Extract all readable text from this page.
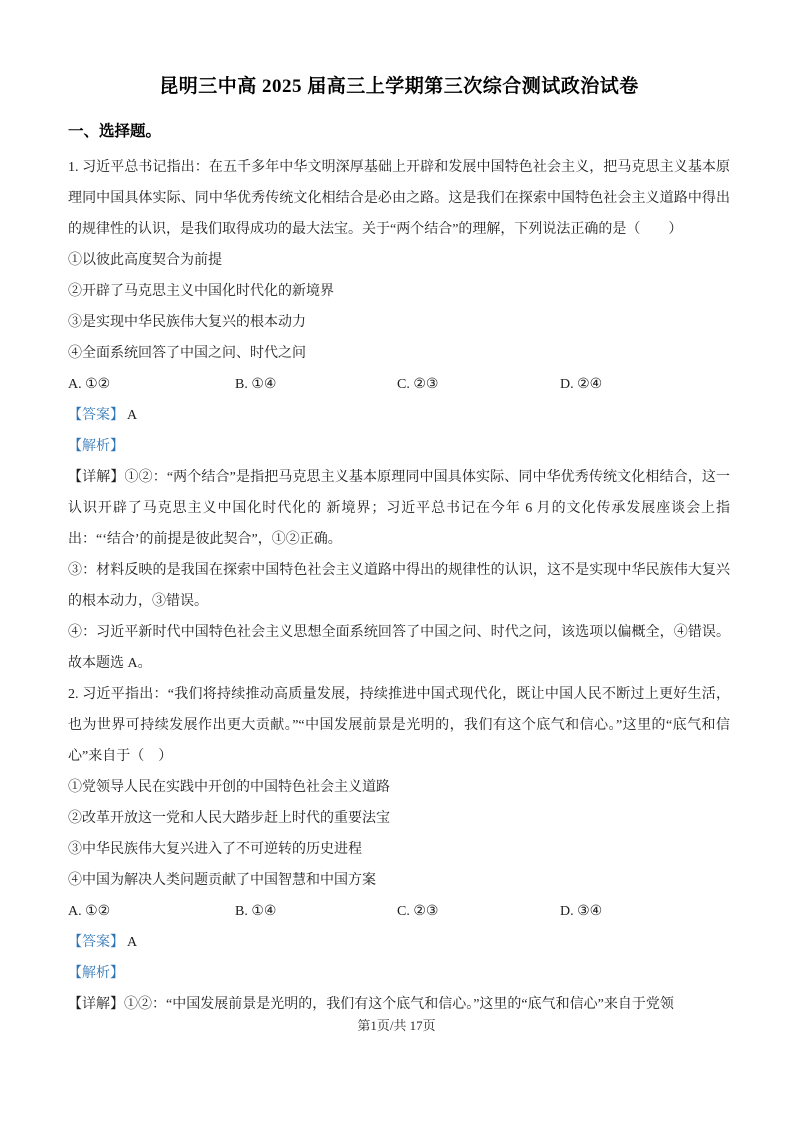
昆明三中高 2025 届高三上学期第三次综合测试政治试卷
一、选择题。

1. 习近平总书记指出：在五千多年中华文明深厚基础上开辟和发展中国特色社会主义，把马克思主义基本原理同中国具体实际、同中华优秀传统文化相结合是必由之路。这是我们在探索中国特色社会主义道路中得出的规律性的认识，是我们取得成功的最大法宝。关于“两个结合”的理解，下列说法正确的是（　　）

①以彼此高度契合为前提

②开辟了马克思主义中国化时代化的新境界

③是实现中华民族伟大复兴的根本动力

④全面系统回答了中国之问、时代之问

A. ①②	B. ①④	C. ②③	D. ②④

【答案】 A

【解析】

【详解】①②：“两个结合”是指把马克思主义基本原理同中国具体实际、同中华优秀传统文化相结合，这一认识开辟了马克思主义中国化时代化的 新境界；习近平总书记在今年 6 月的文化传承发展座谈会上指出：“‘结合’的前提是彼此契合”，①②正确。

③：材料反映的是我国在探索中国特色社会主义道路中得出的规律性的认识，这不是实现中华民族伟大复兴的根本动力，③错误。

④：习近平新时代中国特色社会主义思想全面系统回答了中国之问、时代之问，该选项以偏概全，④错误。故本题选 A。

2. 习近平指出：“我们将持续推动高质量发展，持续推进中国式现代化，既让中国人民不断过上更好生活，也为世界可持续发展作出更大贡献。”“中国发展前景是光明的，我们有这个底气和信心。”这里的“底气和信心”来自于（　）

①党领导人民在实践中开创的中国特色社会主义道路

②改革开放这一党和人民大踏步赶上时代的重要法宝

③中华民族伟大复兴进入了不可逆转的历史进程

④中国为解决人类问题贡献了中国智慧和中国方案

A. ①②	B. ①④	C. ②③	D. ③④

【答案】 A

【解析】

【详解】①②：“中国发展前景是光明的，我们有这个底气和信心。”这里的“底气和信心”来自于党领

第1页/共 17页
